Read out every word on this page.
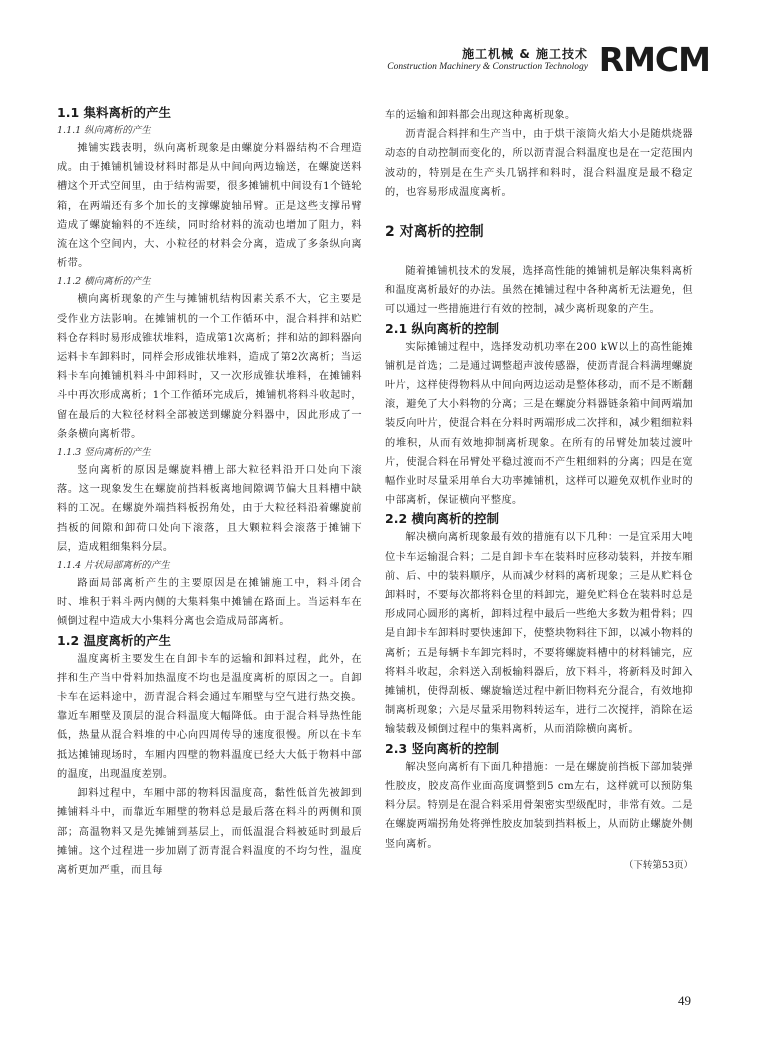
施工机械 & 施工技术
Construction Machinery & Construction Technology RMCM
1.1 集料离析的产生
1.1.1 纵向离析的产生

摊铺实践表明，纵向离析现象是由螺旋分料器结构不合理造成。由于摊铺机铺设材料时都是从中间向两边输送，在螺旋送料槽这个开式空间里，由于结构需要，很多摊铺机中间设有1个链轮箱，在两端还有多个加长的支撑螺旋轴吊臂。正是这些支撑吊臂造成了螺旋输料的不连续，同时给材料的流动也增加了阻力，料流在这个空间内，大、小粒径的材料会分离，造成了多条纵向离析带。

1.1.2 横向离析的产生

横向离析现象的产生与摊铺机结构因素关系不大，它主要是受作业方法影响。在摊铺机的一个工作循环中，混合料拌和站贮料仓存料时易形成锥状堆料，造成第1次离析；拌和站的卸料器向运料卡车卸料时，同样会形成锥状堆料，造成了第2次离析；当运料卡车向摊铺机料斗中卸料时，又一次形成锥状堆料，在摊铺料斗中再次形成离析；1个工作循环完成后，摊铺机将料斗收起时，留在最后的大粒径材料全部被送到螺旋分料器中，因此形成了一条条横向离析带。

1.1.3 竖向离析的产生

竖向离析的原因是螺旋料槽上部大粒径料沿开口处向下滚落。这一现象发生在螺旋前挡料板离地间隙调节偏大且料槽中缺料的工况。在螺旋外端挡料板拐角处，由于大粒径料沿着螺旋前挡板的间隙和卸荷口处向下滚落，且大颗粒料会滚落于摊铺下层，造成粗细集料分层。

1.1.4 片状局部离析的产生

路面局部离析产生的主要原因是在摊铺施工中，料斗闭合时、堆积于料斗两内侧的大集料集中摊铺在路面上。当运料车在倾倒过程中造成大小集料分离也会造成局部离析。

1.2 温度离析的产生

温度离析主要发生在自卸卡车的运输和卸料过程，此外，在拌和生产当中骨料加热温度不均也是温度离析的原因之一。自卸卡车在运料途中，沥青混合料会通过车厢壁与空气进行热交换。靠近车厢壁及顶层的混合料温度大幅降低。由于混合料导热性能低，热量从混合料堆的中心向四周传导的速度很慢。所以在卡车抵达摊铺现场时，车厢内四壁的物料温度已经大大低于物料中部的温度，出现温度差别。

卸料过程中，车厢中部的物料因温度高，黏性低首先被卸到摊铺料斗中，而靠近车厢壁的物料总是最后落在料斗的两侧和顶部；高温物料又是先摊铺到基层上，而低温混合料被延时到最后摊铺。这个过程进一步加剧了沥青混合料温度的不均匀性，温度离析更加严重，而且每

车的运输和卸料都会出现这种离析现象。

沥青混合料拌和生产当中，由于烘干滚筒火焰大小是随烘烧器动态的自动控制而变化的，所以沥青混合料温度也是在一定范围内波动的，特别是在生产头几锅拌和料时，混合料温度是最不稳定的，也容易形成温度离析。

2 对离析的控制

随着摊铺机技术的发展，选择高性能的摊铺机是解决集料离析和温度离析最好的办法。虽然在摊铺过程中各种离析无法避免，但可以通过一些措施进行有效的控制，减少离析现象的产生。

2.1 纵向离析的控制

实际摊铺过程中，选择发动机功率在200 kW以上的高性能摊铺机是首选；二是通过调整超声波传感器，使沥青混合料满埋螺旋叶片，这样使得物料从中间向两边运动是整体移动，而不是不断翻滚，避免了大小料物的分离；三是在螺旋分料器链条箱中间两端加装反向叶片，使混合料在分料时两端形成二次拌和，减少粗细粒料的堆积，从而有效地抑制离析现象。在所有的吊臂处加装过渡叶片，使混合料在吊臂处平稳过渡而不产生粗细料的分离；四是在宽幅作业时尽量采用单台大功率摊铺机，这样可以避免双机作业时的中部离析，保证横向平整度。

2.2 横向离析的控制

解决横向离析现象最有效的措施有以下几种：一是宜采用大吨位卡车运输混合料；二是自卸卡车在装料时应移动装料，并按车厢前、后、中的装料顺序，从而减少材料的离析现象；三是从贮料仓卸料时，不要每次都将料仓里的料卸完，避免贮料仓在装料时总是形成同心圆形的离析，卸料过程中最后一些绝大多数为粗骨料；四是自卸卡车卸料时要快速卸下，使整块物料往下卸，以减小物料的离析；五是每辆卡车卸完料时，不要将螺旋料槽中的材料铺完，应将料斗收起，余料送入刮板输料器后，放下料斗，将新料及时卸入摊铺机，使得刮板、螺旋输送过程中新旧物料充分混合，有效地抑制离析现象；六是尽量采用物料转运车，进行二次搅拌，消除在运输装载及倾倒过程中的集料离析，从而消除横向离析。

2.3 竖向离析的控制

解决竖向离析有下面几种措施：一是在螺旋前挡板下部加装弹性胶皮，胶皮高作业面高度调整到5 cm左右，这样就可以预防集料分层。特别是在混合料采用骨架密实型级配时，非常有效。二是在螺旋两端拐角处将弹性胶皮加装到挡料板上，从而防止螺旋外侧竖向离析。

（下转第53页）
49
